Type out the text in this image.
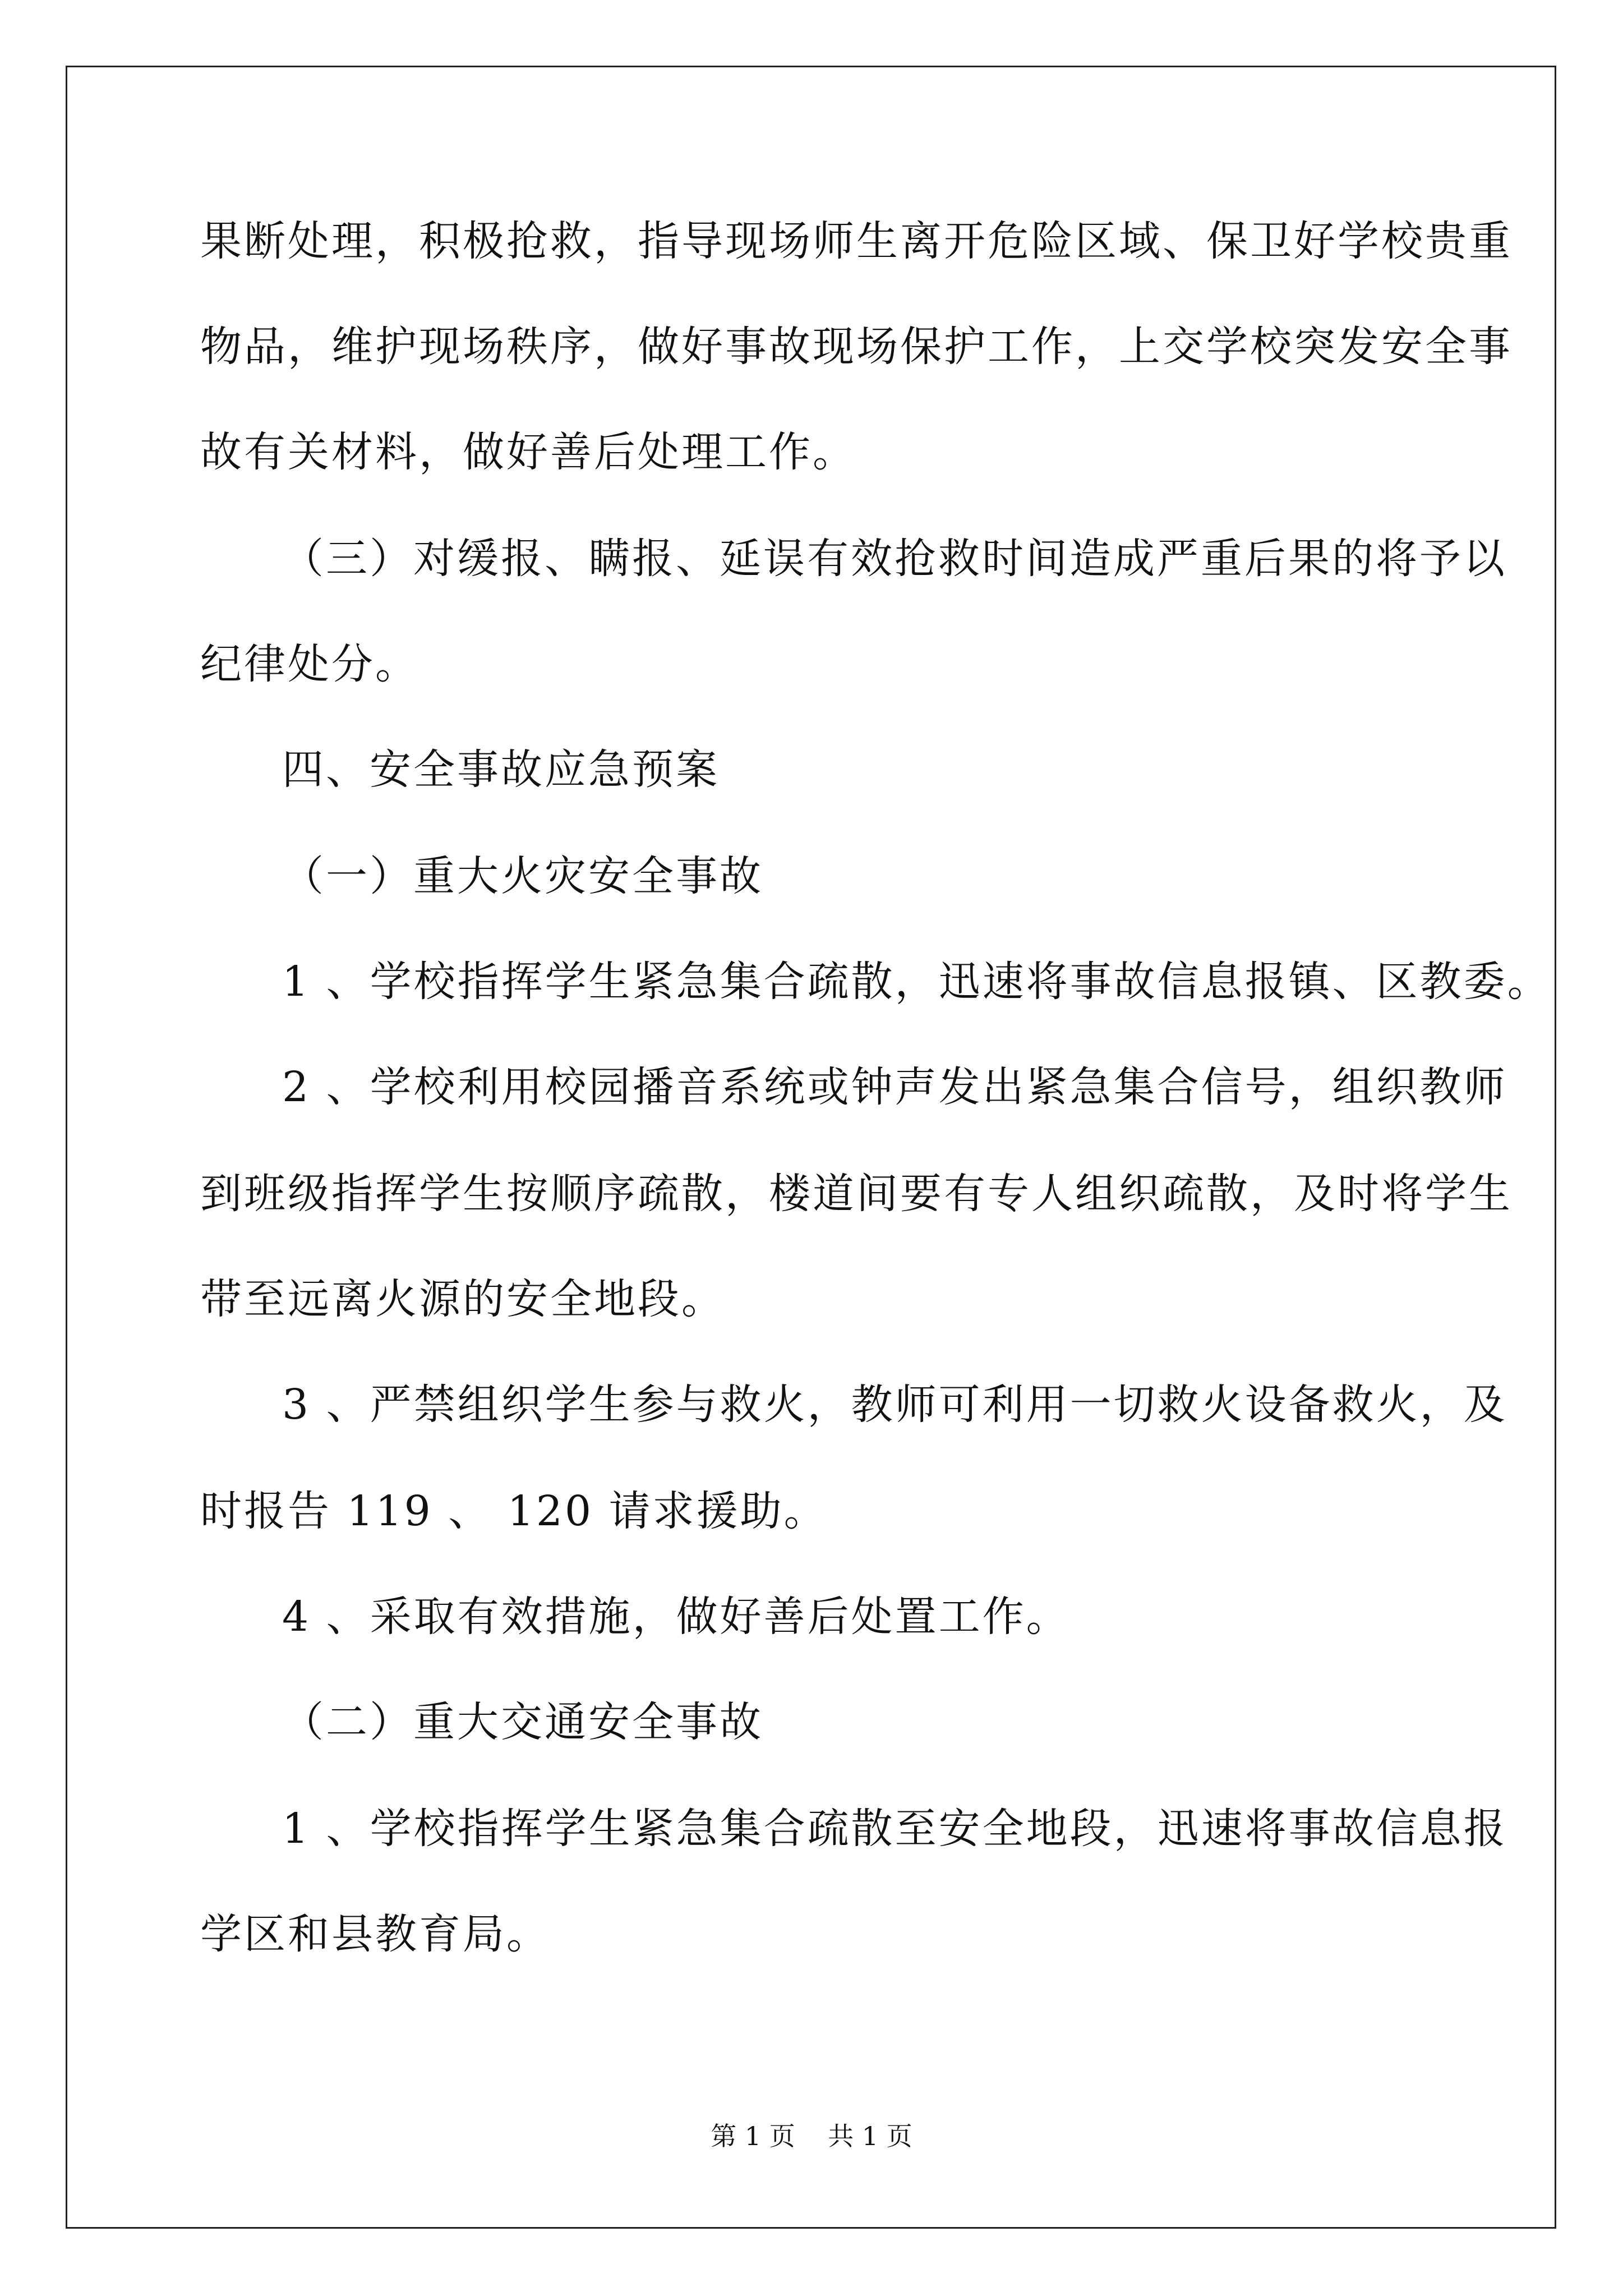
果断处理，积极抢救，指导现场师生离开危险区域、保卫好学校贵重
物品，维护现场秩序，做好事故现场保护工作，上交学校突发安全事
故有关材料，做好善后处理工作。
（三）对缓报、瞒报、延误有效抢救时间造成严重后果的将予以
纪律处分。
四、安全事故应急预案
（一）重大火灾安全事故
1 、学校指挥学生紧急集合疏散，迅速将事故信息报镇、区教委。
2 、学校利用校园播音系统或钟声发出紧急集合信号，组织教师
到班级指挥学生按顺序疏散，楼道间要有专人组织疏散，及时将学生
带至远离火源的安全地段。
3 、严禁组织学生参与救火，教师可利用一切救火设备救火，及
时报告 119 、 120 请求援助。
4 、采取有效措施，做好善后处置工作。
（二）重大交通安全事故
1 、学校指挥学生紧急集合疏散至安全地段，迅速将事故信息报
学区和县教育局。
第 1 页    共 1 页
